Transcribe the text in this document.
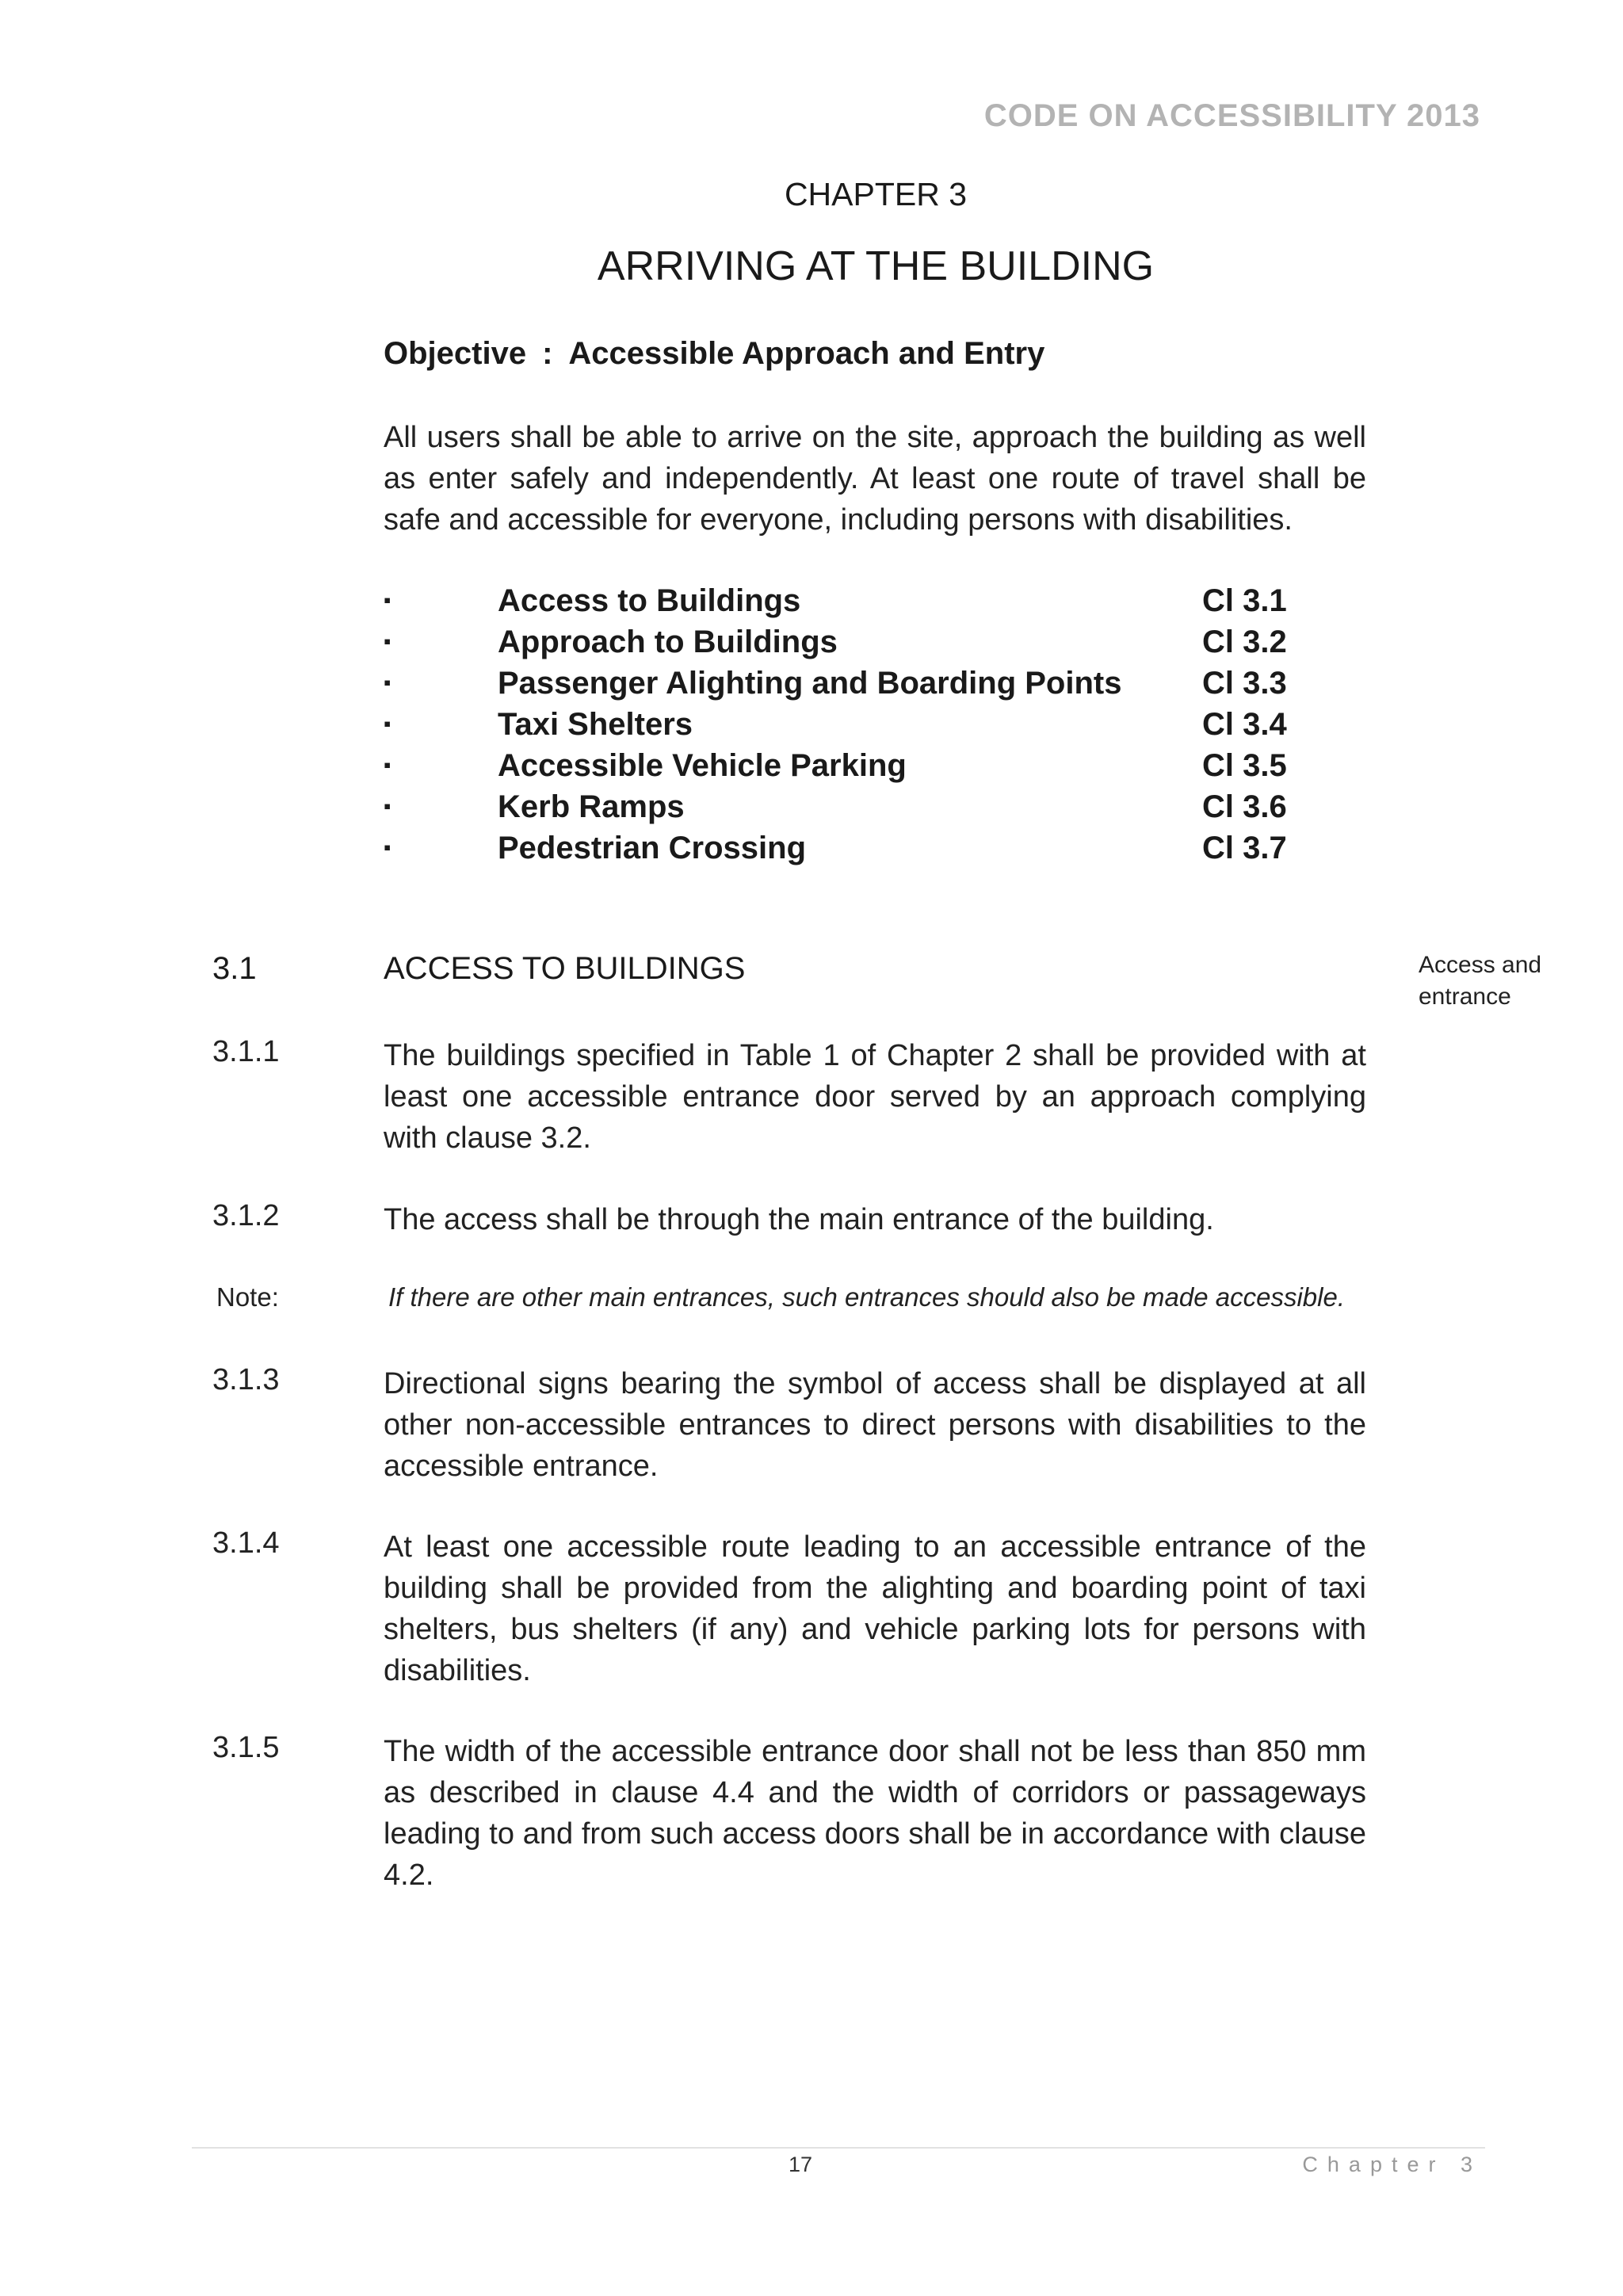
CODE ON ACCESSIBILITY 2013
CHAPTER 3
ARRIVING AT THE BUILDING
Objective : Accessible Approach and Entry
All users shall be able to arrive on the site, approach the building as well as enter safely and independently. At least one route of travel shall be safe and accessible for everyone, including persons with disabilities.
▪	Access to Buildings	Cl 3.1
▪	Approach to Buildings	Cl 3.2
▪	Passenger Alighting and Boarding Points	Cl 3.3
▪	Taxi Shelters	Cl 3.4
▪	Accessible Vehicle Parking	Cl 3.5
▪	Kerb Ramps	Cl 3.6
▪	Pedestrian Crossing	Cl 3.7
3.1	ACCESS TO BUILDINGS	Access and entrance
3.1.1	The buildings specified in Table 1 of Chapter 2 shall be provided with at least one accessible entrance door served by an approach complying with clause 3.2.
3.1.2	The access shall be through the main entrance of the building.
Note:	If there are other main entrances, such entrances should also be made accessible.
3.1.3	Directional signs bearing the symbol of access shall be displayed at all other non-accessible entrances to direct persons with disabilities to the accessible entrance.
3.1.4	At least one accessible route leading to an accessible entrance of the building shall be provided from the alighting and boarding point of taxi shelters, bus shelters (if any) and vehicle parking lots for persons with disabilities.
3.1.5	The width of the accessible entrance door shall not be less than 850 mm as described in clause 4.4 and the width of corridors or passageways leading to and from such access doors shall be in accordance with clause 4.2.
17	Chapter 3
